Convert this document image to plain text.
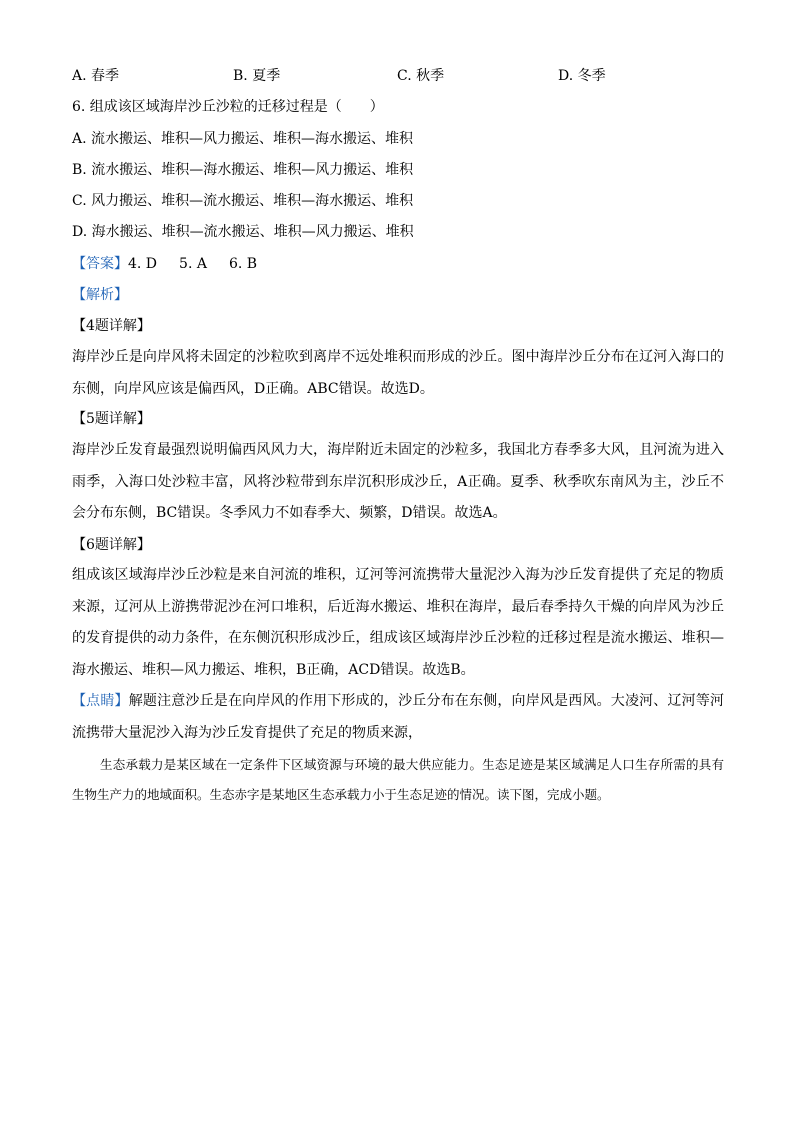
A. 春季	B. 夏季	C. 秋季	D. 冬季
6. 组成该区域海岸沙丘沙粒的迁移过程是（　　）
A. 流水搬运、堆积—风力搬运、堆积—海水搬运、堆积
B. 流水搬运、堆积—海水搬运、堆积—风力搬运、堆积
C. 风力搬运、堆积—流水搬运、堆积—海水搬运、堆积
D. 海水搬运、堆积—流水搬运、堆积—风力搬运、堆积
【答案】4. D 5. A 6. B
【解析】
【4题详解】
海岸沙丘是向岸风将未固定的沙粒吹到离岸不远处堆积而形成的沙丘。图中海岸沙丘分布在辽河入海口的东侧，向岸风应该是偏西风，D正确。ABC错误。故选D。
【5题详解】
海岸沙丘发育最强烈说明偏西风风力大，海岸附近未固定的沙粒多，我国北方春季多大风，且河流为进入雨季，入海口处沙粒丰富，风将沙粒带到东岸沉积形成沙丘，A正确。夏季、秋季吹东南风为主，沙丘不会分布东侧，BC错误。冬季风力不如春季大、频繁，D错误。故选A。
【6题详解】
组成该区域海岸沙丘沙粒是来自河流的堆积，辽河等河流携带大量泥沙入海为沙丘发育提供了充足的物质来源，辽河从上游携带泥沙在河口堆积，后近海水搬运、堆积在海岸，最后春季持久干燥的向岸风为沙丘的发育提供的动力条件，在东侧沉积形成沙丘，组成该区域海岸沙丘沙粒的迁移过程是流水搬运、堆积—海水搬运、堆积—风力搬运、堆积，B正确，ACD错误。故选B。
【点睛】解题注意沙丘是在向岸风的作用下形成的，沙丘分布在东侧，向岸风是西风。大凌河、辽河等河流携带大量泥沙入海为沙丘发育提供了充足的物质来源，
生态承载力是某区域在一定条件下区域资源与环境的最大供应能力。生态足迹是某区域满足人口生存所需的具有生物生产力的地域面积。生态赤字是某地区生态承载力小于生态足迹的情况。读下图，完成小题。
